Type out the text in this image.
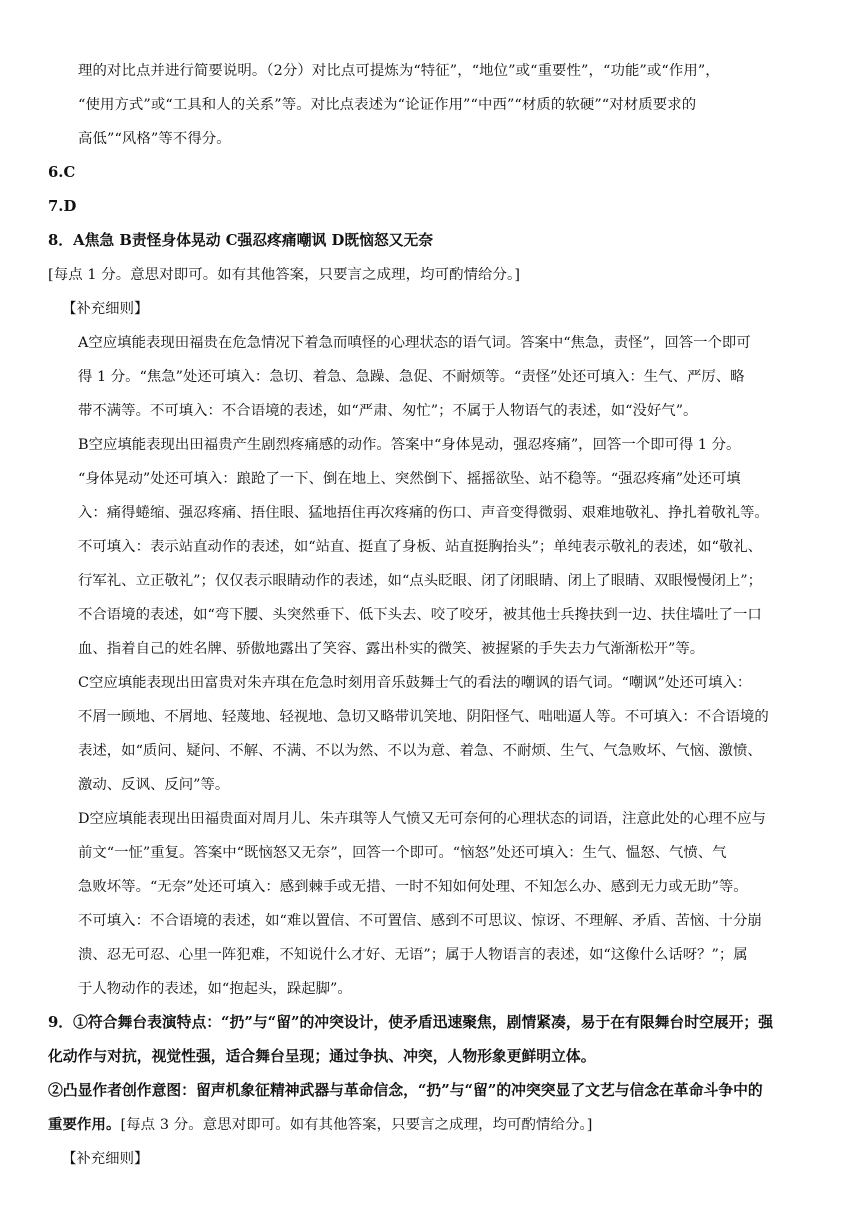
理的对比点并进行简要说明。（2分）对比点可提炼为“特征”，“地位”或“重要性”，“功能”或“作用”，

“使用方式”或“工具和人的关系”等。对比点表述为“论证作用”“中西”“材质的软硬”“对材质要求的

高低”“风格”等不得分。

6.C

7.D

8．A焦急 B责怪身体晃动 C强忍疼痛嘲讽 D既恼怒又无奈

[每点 1 分。意思对即可。如有其他答案，只要言之成理，均可酌情给分。]

【补充细则】

A空应填能表现田福贵在危急情况下着急而嗔怪的心理状态的语气词。答案中“焦急，责怪”，回答一个即可

得 1 分。“焦急”处还可填入：急切、着急、急躁、急促、不耐烦等。“责怪”处还可填入：生气、严厉、略

带不满等。不可填入：不合语境的表述，如“严肃、匆忙”；不属于人物语气的表述，如“没好气”。

B空应填能表现出田福贵产生剧烈疼痛感的动作。答案中“身体晃动，强忍疼痛”，回答一个即可得 1 分。

“身体晃动”处还可填入：踉跄了一下、倒在地上、突然倒下、摇摇欲坠、站不稳等。“强忍疼痛”处还可填

入：痛得蜷缩、强忍疼痛、捂住眼、猛地捂住再次疼痛的伤口、声音变得微弱、艰难地敬礼、挣扎着敬礼等。

不可填入：表示站直动作的表述，如“站直、挺直了身板、站直挺胸抬头”；单纯表示敬礼的表述，如“敬礼、

行军礼、立正敬礼”；仅仅表示眼睛动作的表述，如“点头眨眼、闭了闭眼睛、闭上了眼睛、双眼慢慢闭上”；

不合语境的表述，如“弯下腰、头突然垂下、低下头去、咬了咬牙，被其他士兵搀扶到一边、扶住墙吐了一口

血、指着自己的姓名牌、骄傲地露出了笑容、露出朴实的微笑、被握紧的手失去力气渐渐松开”等。

C空应填能表现出田富贵对朱卉琪在危急时刻用音乐鼓舞士气的看法的嘲讽的语气词。“嘲讽”处还可填入：

不屑一顾地、不屑地、轻蔑地、轻视地、急切又略带讥笑地、阴阳怪气、咄咄逼人等。不可填入：不合语境的

表述，如“质问、疑问、不解、不满、不以为然、不以为意、着急、不耐烦、生气、气急败坏、气恼、激愤、

激动、反讽、反问”等。

D空应填能表现出田福贵面对周月儿、朱卉琪等人气愤又无可奈何的心理状态的词语，注意此处的心理不应与

前文“一怔”重复。答案中“既恼怒又无奈”，回答一个即可。“恼怒”处还可填入：生气、愠怒、气愤、气

急败坏等。“无奈”处还可填入：感到棘手或无措、一时不知如何处理、不知怎么办、感到无力或无助”等。

不可填入：不合语境的表述，如“难以置信、不可置信、感到不可思议、惊讶、不理解、矛盾、苦恼、十分崩

溃、忍无可忍、心里一阵犯难，不知说什么才好、无语”；属于人物语言的表述，如“这像什么话呀？”；属

于人物动作的表述，如“抱起头，跺起脚”。

9．①符合舞台表演特点：“扔”与“留”的冲突设计，使矛盾迅速聚焦，剧情紧凑，易于在有限舞台时空展开；强

化动作与对抗，视觉性强，适合舞台呈现；通过争执、冲突，人物形象更鲜明立体。

②凸显作者创作意图：留声机象征精神武器与革命信念，“扔”与“留”的冲突突显了文艺与信念在革命斗争中的

重要作用。[每点 3 分。意思对即可。如有其他答案，只要言之成理，均可酌情给分。]

【补充细则】
